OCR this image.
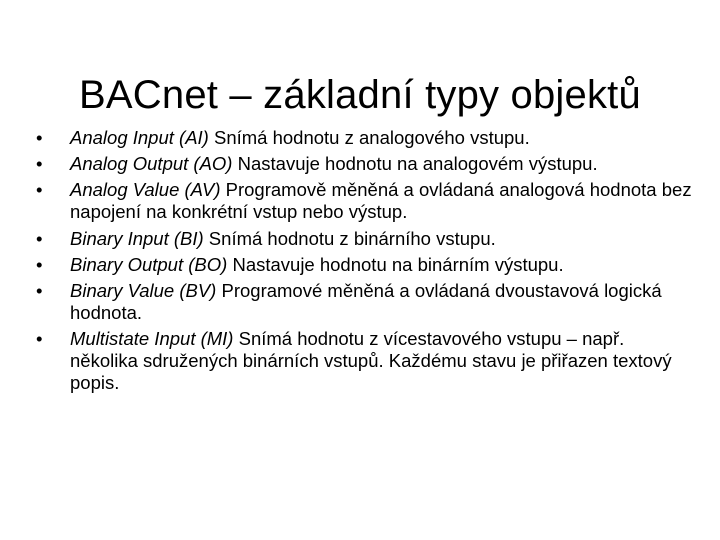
BACnet – základní typy objektů
•	Analog Input (AI) Snímá hodnotu z analogového vstupu.
•	Analog Output (AO) Nastavuje hodnotu na analogovém výstupu.
•	Analog Value (AV) Programově měněná a ovládaná analogová hodnota bez napojení na konkrétní vstup nebo výstup.
•	Binary Input (BI) Snímá hodnotu z binárního vstupu.
•	Binary Output (BO) Nastavuje hodnotu na binárním výstupu.
•	Binary Value (BV) Programové měněná a ovládaná dvoustavová logická hodnota.
•	Multistate Input (MI) Snímá hodnotu z vícestavového vstupu – např. několika sdružených binárních vstupů. Každému stavu je přiřazen textový popis.
